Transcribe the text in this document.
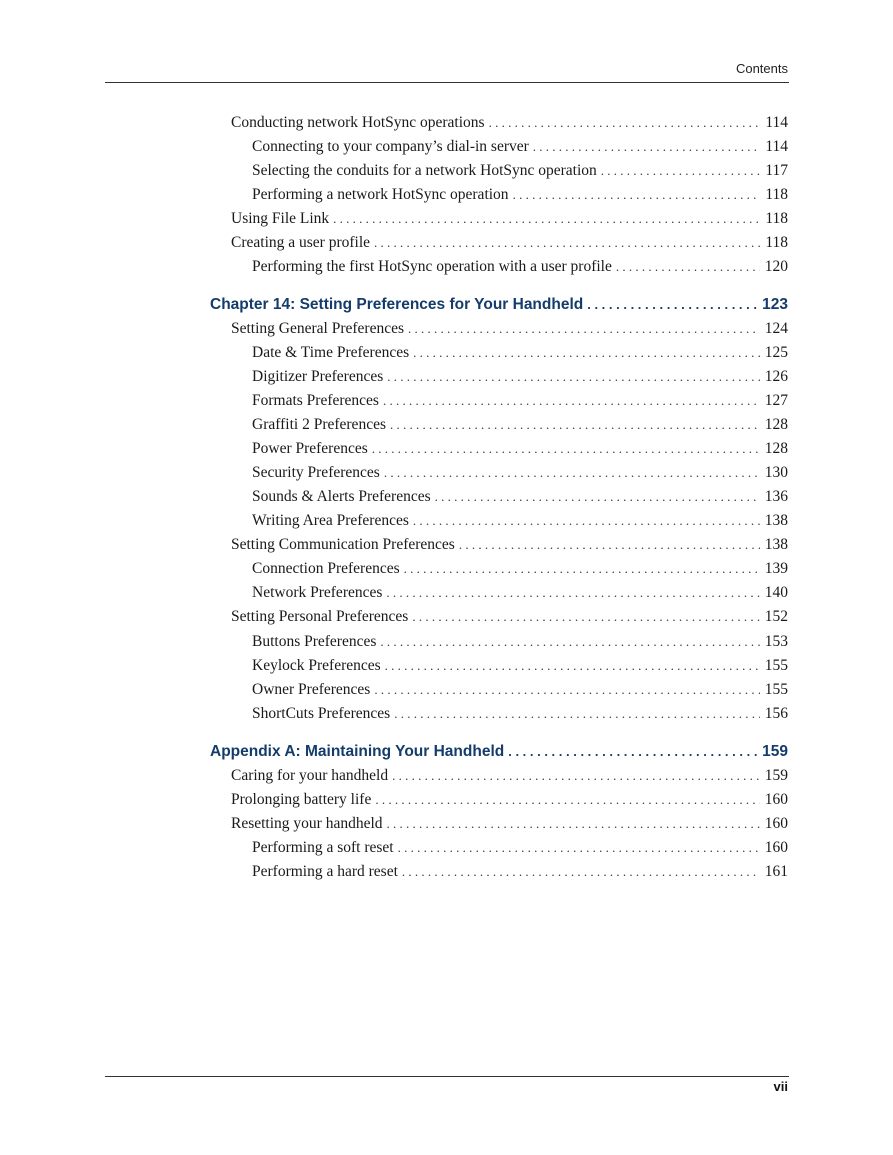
Contents
Conducting network HotSync operations . . .	114
Connecting to your company’s dial-in server . . .	114
Selecting the conduits for a network HotSync operation . . .	117
Performing a network HotSync operation . . .	118
Using File Link . . .	118
Creating a user profile . . .	118
Performing the first HotSync operation with a user profile . . .	120
Chapter 14: Setting Preferences for Your Handheld . . .	123
Setting General Preferences . . .	124
Date & Time Preferences . . .	125
Digitizer Preferences . . .	126
Formats Preferences . . .	127
Graffiti 2 Preferences . . .	128
Power Preferences . . .	128
Security Preferences . . .	130
Sounds & Alerts Preferences . . .	136
Writing Area Preferences . . .	138
Setting Communication Preferences . . .	138
Connection Preferences . . .	139
Network Preferences . . .	140
Setting Personal Preferences . . .	152
Buttons Preferences . . .	153
Keylock Preferences . . .	155
Owner Preferences . . .	155
ShortCuts Preferences . . .	156
Appendix A: Maintaining Your Handheld . . .	159
Caring for your handheld . . .	159
Prolonging battery life . . .	160
Resetting your handheld . . .	160
Performing a soft reset . . .	160
Performing a hard reset . . .	161
vii
